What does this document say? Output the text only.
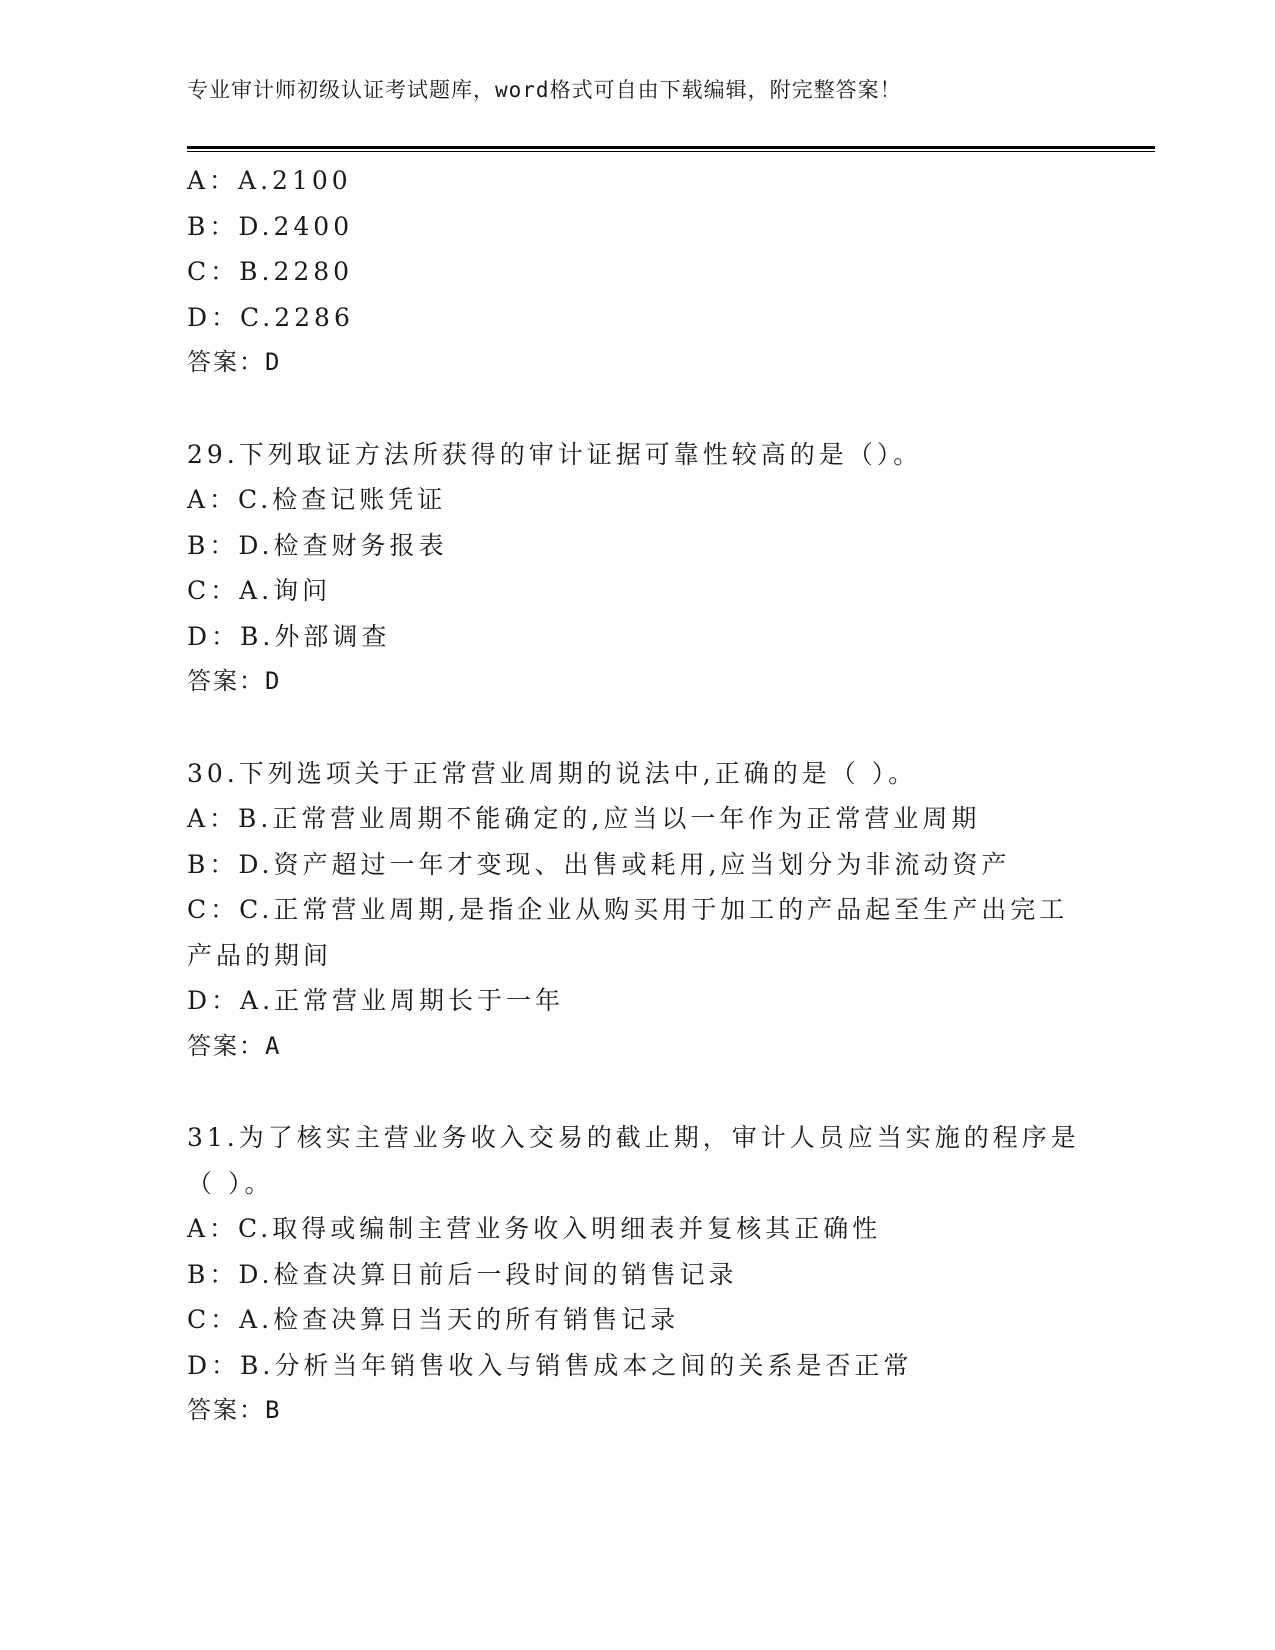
专业审计师初级认证考试题库，word格式可自由下载编辑，附完整答案！
A：A.2100
B：D.2400
C：B.2280
D：C.2286
答案：D
29.下列取证方法所获得的审计证据可靠性较高的是（）。
A：C.检查记账凭证
B：D.检查财务报表
C：A.询问
D：B.外部调查
答案：D
30.下列选项关于正常营业周期的说法中,正确的是（ ）。
A：B.正常营业周期不能确定的,应当以一年作为正常营业周期
B：D.资产超过一年才变现、出售或耗用,应当划分为非流动资产
C：C.正常营业周期,是指企业从购买用于加工的产品起至生产出完工
产品的期间
D：A.正常营业周期长于一年
答案：A
31.为了核实主营业务收入交易的截止期，审计人员应当实施的程序是
（ ）。
A：C.取得或编制主营业务收入明细表并复核其正确性
B：D.检查决算日前后一段时间的销售记录
C：A.检查决算日当天的所有销售记录
D：B.分析当年销售收入与销售成本之间的关系是否正常
答案：B
